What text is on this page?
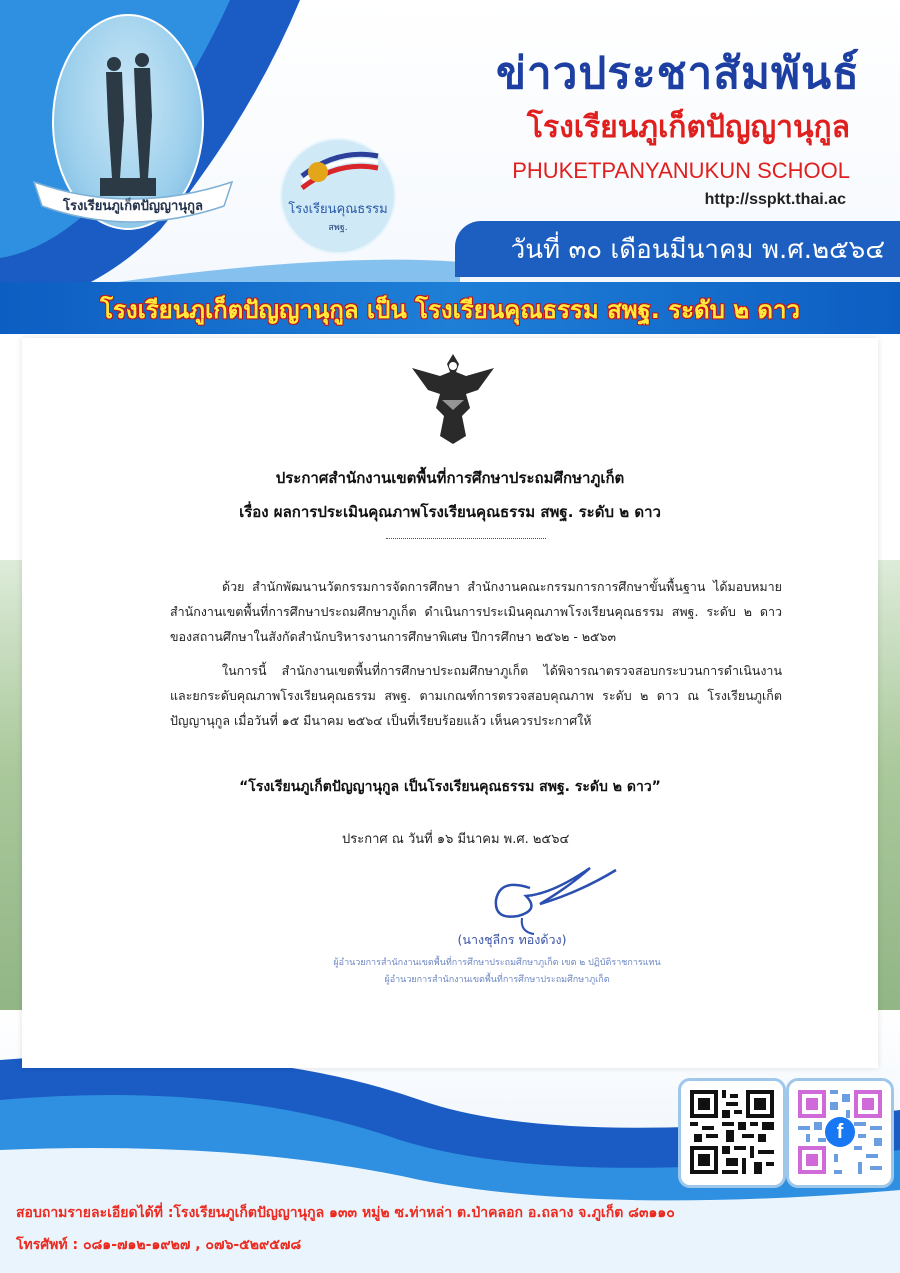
โรงเรียนภูเก็ตปัญญานุกูล	โรงเรียนคุณธรรม
สพฐ.
ข่าวประชาสัมพันธ์
โรงเรียนภูเก็ตปัญญานุกูล
PHUKETPANYANUKUN SCHOOL
http://sspkt.thai.ac
วันที่ ๓๐ เดือนมีนาคม พ.ศ.๒๕๖๔
โรงเรียนภูเก็ตปัญญานุกูล เป็น โรงเรียนคุณธรรม สพฐ. ระดับ ๒ ดาว
ประกาศสำนักงานเขตพื้นที่การศึกษาประถมศึกษาภูเก็ต
เรื่อง ผลการประเมินคุณภาพโรงเรียนคุณธรรม สพฐ. ระดับ ๒ ดาว
ด้วย สำนักพัฒนานวัตกรรมการจัดการศึกษา สำนักงานคณะกรรมการการศึกษาขั้นพื้นฐาน ได้มอบหมาย สำนักงานเขตพื้นที่การศึกษาประถมศึกษาภูเก็ต ดำเนินการประเมินคุณภาพโรงเรียนคุณธรรม สพฐ. ระดับ ๒ ดาว ของสถานศึกษาในสังกัดสำนักบริหารงานการศึกษาพิเศษ ปีการศึกษา ๒๕๖๒ - ๒๕๖๓
ในการนี้ สำนักงานเขตพื้นที่การศึกษาประถมศึกษาภูเก็ต ได้พิจารณาตรวจสอบกระบวนการดำเนินงาน และยกระดับคุณภาพโรงเรียนคุณธรรม สพฐ. ตามเกณฑ์การตรวจสอบคุณภาพ ระดับ ๒ ดาว ณ โรงเรียนภูเก็ตปัญญานุกูล เมื่อวันที่ ๑๕ มีนาคม ๒๕๖๔ เป็นที่เรียบร้อยแล้ว เห็นควรประกาศให้
“โรงเรียนภูเก็ตปัญญานุกูล เป็นโรงเรียนคุณธรรม สพฐ. ระดับ ๒ ดาว”
ประกาศ ณ วันที่ ๑๖ มีนาคม พ.ศ. ๒๕๖๔
(นางชุลีกร ทองด้วง)
ผู้อำนวยการสำนักงานเขตพื้นที่การศึกษาประถมศึกษาภูเก็ต เขต ๒ ปฏิบัติราชการแทน
ผู้อำนวยการสำนักงานเขตพื้นที่การศึกษาประถมศึกษาภูเก็ต
f
สอบถามรายละเอียดได้ที่ :โรงเรียนภูเก็ตปัญญานุกูล ๑๓๓ หมู่๒ ซ.ท่าหล่า ต.ป่าคลอก อ.ถลาง จ.ภูเก็ต ๘๓๑๑๐
โทรศัพท์ : ๐๘๑-๗๑๒-๑๙๒๗ , ๐๗๖-๕๒๙๕๗๘
